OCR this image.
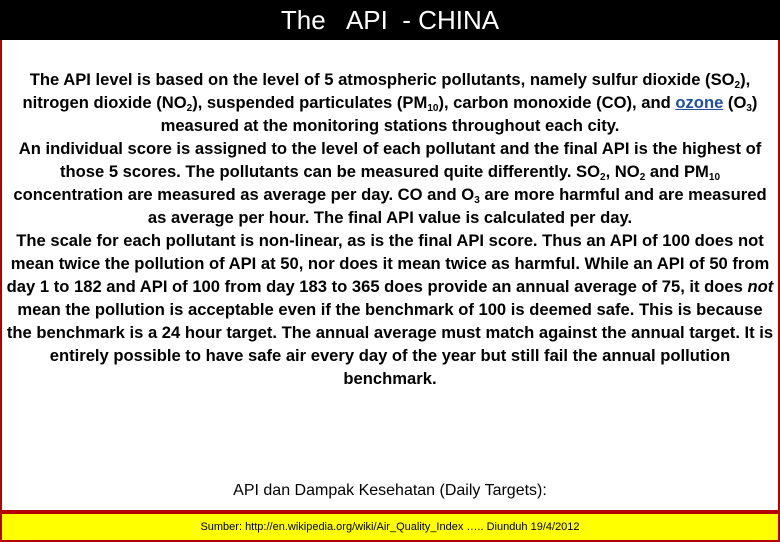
The   API  - CHINA

The API level is based on the level of 5 atmospheric pollutants, namely sulfur dioxide $(SO_2)$, nitrogen dioxide $(NO_2)$, suspended particulates $(PM_{10})$, carbon monoxide (CO), and ozone $(O_3)$ measured at the monitoring stations throughout each city.

An individual score is assigned to the level of each pollutant and the final API is the highest of those 5 scores. The pollutants can be measured quite differently. $SO_2$, $NO_2$ and $PM_{10}$ concentration are measured as average per day. CO and $O_3$ are more harmful and are measured as average per hour. The final API value is calculated per day.

The scale for each pollutant is non-linear, as is the final API score. Thus an API of 100 does not mean twice the pollution of API at 50, nor does it mean twice as harmful. While an API of 50 from day 1 to 182 and API of 100 from day 183 to 365 does provide an annual average of 75, it does not mean the pollution is acceptable even if the benchmark of 100 is deemed safe. This is because the benchmark is a 24 hour target. The annual average must match against the annual target. It is entirely possible to have safe air every day of the year but still fail the annual pollution benchmark.

API dan Dampak Kesehatan (Daily Targets):
Sumber: http://en.wikipedia.org/wiki/Air_Quality_Index ….. Diunduh 19/4/2012
